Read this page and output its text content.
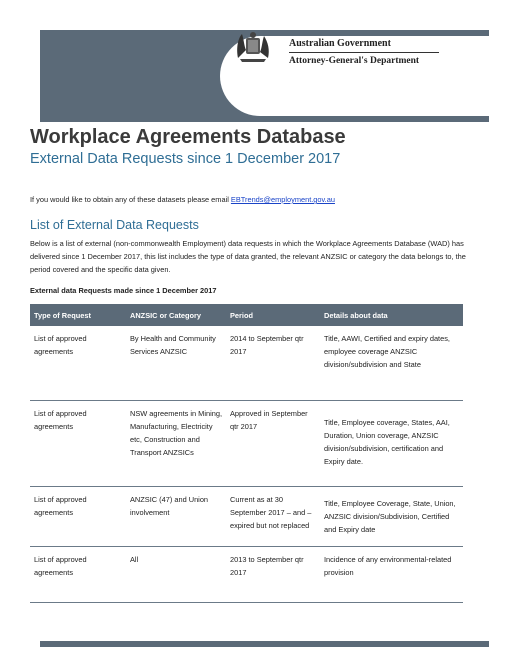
Australian Government
Attorney-General's Department
Workplace Agreements Database
External Data Requests since 1 December 2017
If you would like to obtain any of these datasets please email EBTrends@employment.gov.au
List of External Data Requests
Below is a list of external (non-commonwealth Employment) data requests in which the Workplace Agreements Database (WAD) has delivered since 1 December 2017, this list includes the type of data granted, the relevant ANZSIC or category the data belongs to, the period covered and the specific data given.
External data Requests made since 1 December 2017
Type of Request	ANZSIC or Category	Period	Details about data
List of approved agreements	By Health and Community Services ANZSIC	2014 to September qtr 2017	Title, AAWI, Certified and expiry dates, employee coverage ANZSIC division/subdivision and State
List of approved agreements	NSW agreements in Mining, Manufacturing, Electricity etc, Construction and Transport ANZSICs	Approved in September qtr 2017	Title, Employee coverage, States, AAI, Duration, Union coverage, ANZSIC division/subdivision, certification and Expiry date.
List of approved agreements	ANZSIC (47) and Union involvement	Current as at 30 September 2017 – and – expired but not replaced	Title, Employee Coverage, State, Union, ANZSIC division/Subdivision, Certified and Expiry date
List of approved agreements	All	2013 to September qtr 2017	Incidence of any environmental-related provision
